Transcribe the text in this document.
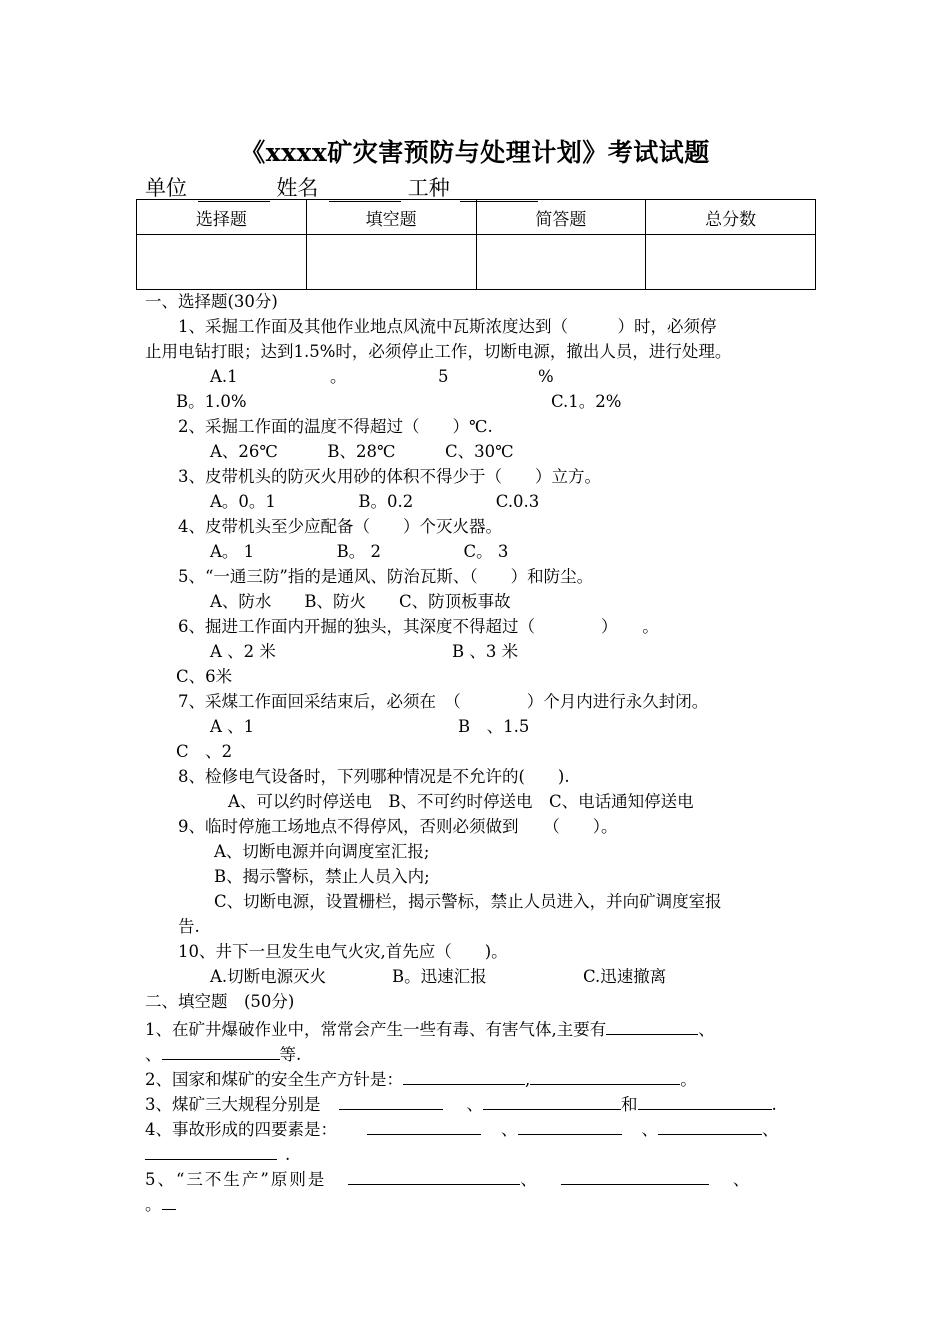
《xxxx矿灾害预防与处理计划》考试试题
单位	姓名	工种
选择题	填空题	简答题	总分数

一、选择题(30分)
1、采掘工作面及其他作业地点风流中瓦斯浓度达到（　　　）时，必须停
止用电钻打眼；达到1.5%时，必须停止工作，切断电源，撤出人员，进行处理。
A.1	。	5	%
B。1.0%	C.1。2%
2、采掘工作面的温度不得超过（　　）℃.
A、26℃　　　B、28℃　　　C、30℃
3、皮带机头的防灭火用砂的体积不得少于（　　）立方。
A。0。1　　　　　B。0.2　　　　　C.0.3
4、皮带机头至少应配备（　　）个灭火器。
A。 1　　　　　B。 2　　　　　C。 3
5、“一通三防”指的是通风、防治瓦斯、（　　）和防尘。
A、防水　　B、防火　　C、防顶板事故
6、掘进工作面内开掘的独头，其深度不得超过（　　　　）　　。
A 、2 米	B 、3 米
C、6米
7、采煤工作面回采结束后，必须在　（　　　　）个月内进行永久封闭。
A 、1	B　、1.5
C　、2
8、检修电气设备时，下列哪种情况是不允许的(　　).
A、可以约时停送电　B、不可约时停送电　C、电话通知停送电
9、临时停施工场地点不得停风，否则必须做到　　（　　）。
A、切断电源并向调度室汇报;
B、揭示警标，禁止人员入内;
C、切断电源，设置栅栏，揭示警标，禁止人员进入，并向矿调度室报
告.
10、井下一旦发生电气火灾,首先应（　　)。
A.切断电源灭火	B。迅速汇报	C.迅速撤离
二、填空题　(50分)
1、在矿井爆破作业中，常常会产生一些有毒、有害气体,主要有	、
、	等.
2、国家和煤矿的安全生产方针是：	,	。
3、煤矿三大规程分别是	、	和	.
4、事故形成的四要素是：	、	、	、
.
5、“三不生产”原则是	、	、
。
